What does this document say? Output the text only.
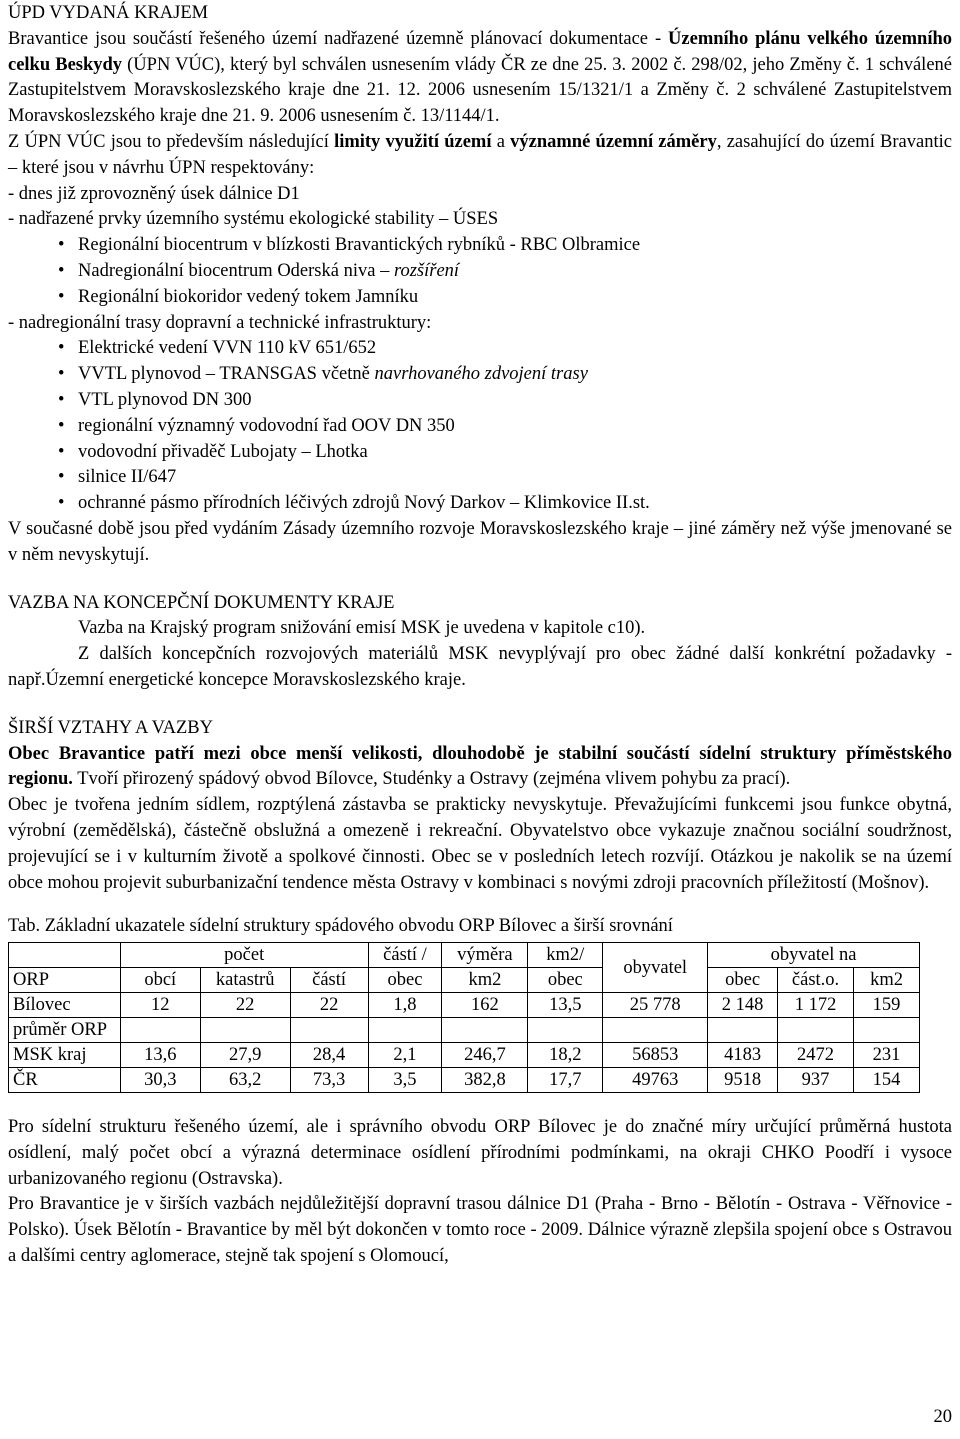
ÚPD VYDANÁ KRAJEM

Bravantice jsou součástí řešeného území nadřazené územně plánovací dokumentace - Územního plánu velkého územního celku Beskydy (ÚPN VÚC), který byl schválen usnesením vlády ČR ze dne 25. 3. 2002 č. 298/02, jeho Změny č. 1 schválené Zastupitelstvem Moravskoslezského kraje dne 21. 12. 2006 usnesením 15/1321/1 a Změny č. 2 schválené Zastupitelstvem Moravskoslezského kraje dne 21. 9. 2006 usnesením č. 13/1144/1.

Z ÚPN VÚC jsou to především následující limity využití území a významné územní záměry, zasahující do území Bravantic – které jsou v návrhu ÚPN respektovány:

- dnes již zprovozněný úsek dálnice D1
- nadřazené prvky územního systému ekologické stability – ÚSES
• Regionální biocentrum v blízkosti Bravantických rybníků - RBC Olbramice
• Nadregionální biocentrum Oderská niva – rozšíření
• Regionální biokoridor vedený tokem Jamníku
- nadregionální trasy dopravní a technické infrastruktury:
• Elektrické vedení VVN 110 kV 651/652
• VVTL plynovod – TRANSGAS včetně navrhovaného zdvojení trasy
• VTL plynovod DN 300
• regionální významný vodovodní řad OOV DN 350
• vodovodní přivaděč Lubojaty – Lhotka
• silnice II/647
• ochranné pásmo přírodních léčivých zdrojů Nový Darkov – Klimkovice II.st.

V současné době jsou před vydáním Zásady územního rozvoje Moravskoslezského kraje – jiné záměry než výše jmenované se v něm nevyskytují.

VAZBA NA KONCEPČNÍ DOKUMENTY KRAJE

Vazba na Krajský program snižování emisí MSK je uvedena v kapitole c10).

Z dalších koncepčních rozvojových materiálů MSK nevyplývají pro obec žádné další konkrétní požadavky - např.Územní energetické koncepce Moravskoslezského kraje.

ŠIRŠÍ VZTAHY A VAZBY

Obec Bravantice patří mezi obce menší velikosti, dlouhodobě je stabilní součástí sídelní struktury příměstského regionu. Tvoří přirozený spádový obvod Bílovce, Studénky a Ostravy (zejména vlivem pohybu za prací).

Obec je tvořena jedním sídlem, rozptýlená zástavba se prakticky nevyskytuje. Převažujícími funkcemi jsou funkce obytná, výrobní (zemědělská), částečně obslužná a omezeně i rekreační. Obyvatelstvo obce vykazuje značnou sociální soudržnost, projevující se i v kulturním životě a spolkové činnosti. Obec se v posledních letech rozvíjí. Otázkou je nakolik se na území obce mohou projevit suburbanizační tendence města Ostravy v kombinaci s novými zdroji pracovních příležitostí (Mošnov).

Tab. Základní ukazatele sídelní struktury spádového obvodu ORP Bílovec a širší srovnání
	počet			částí /	výměra	km2/	obyvatel	obyvatel na		
ORP	obcí	katastrů	částí	obec	km2	obec		obec	část.o.	km2
Bílovec	12	22	22	1,8	162	13,5	25 778	2 148	1 172	159
průměr ORP										
MSK kraj	13,6	27,9	28,4	2,1	246,7	18,2	56853	4183	2472	231
ČR	30,3	63,2	73,3	3,5	382,8	17,7	49763	9518	937	154

Pro sídelní strukturu řešeného území, ale i správního obvodu ORP Bílovec je do značné míry určující průměrná hustota osídlení, malý počet obcí a výrazná determinace osídlení přírodními podmínkami, na okraji CHKO Poodří i vysoce urbanizovaného regionu (Ostravska).

Pro Bravantice je v širších vazbách nejdůležitější dopravní trasou dálnice D1 (Praha - Brno - Bělotín - Ostrava - Věřnovice - Polsko). Úsek Bělotín - Bravantice by měl být dokončen v tomto roce - 2009. Dálnice výrazně zlepšila spojení obce s Ostravou a dalšími centry aglomerace, stejně tak spojení s Olomoucí,

20
